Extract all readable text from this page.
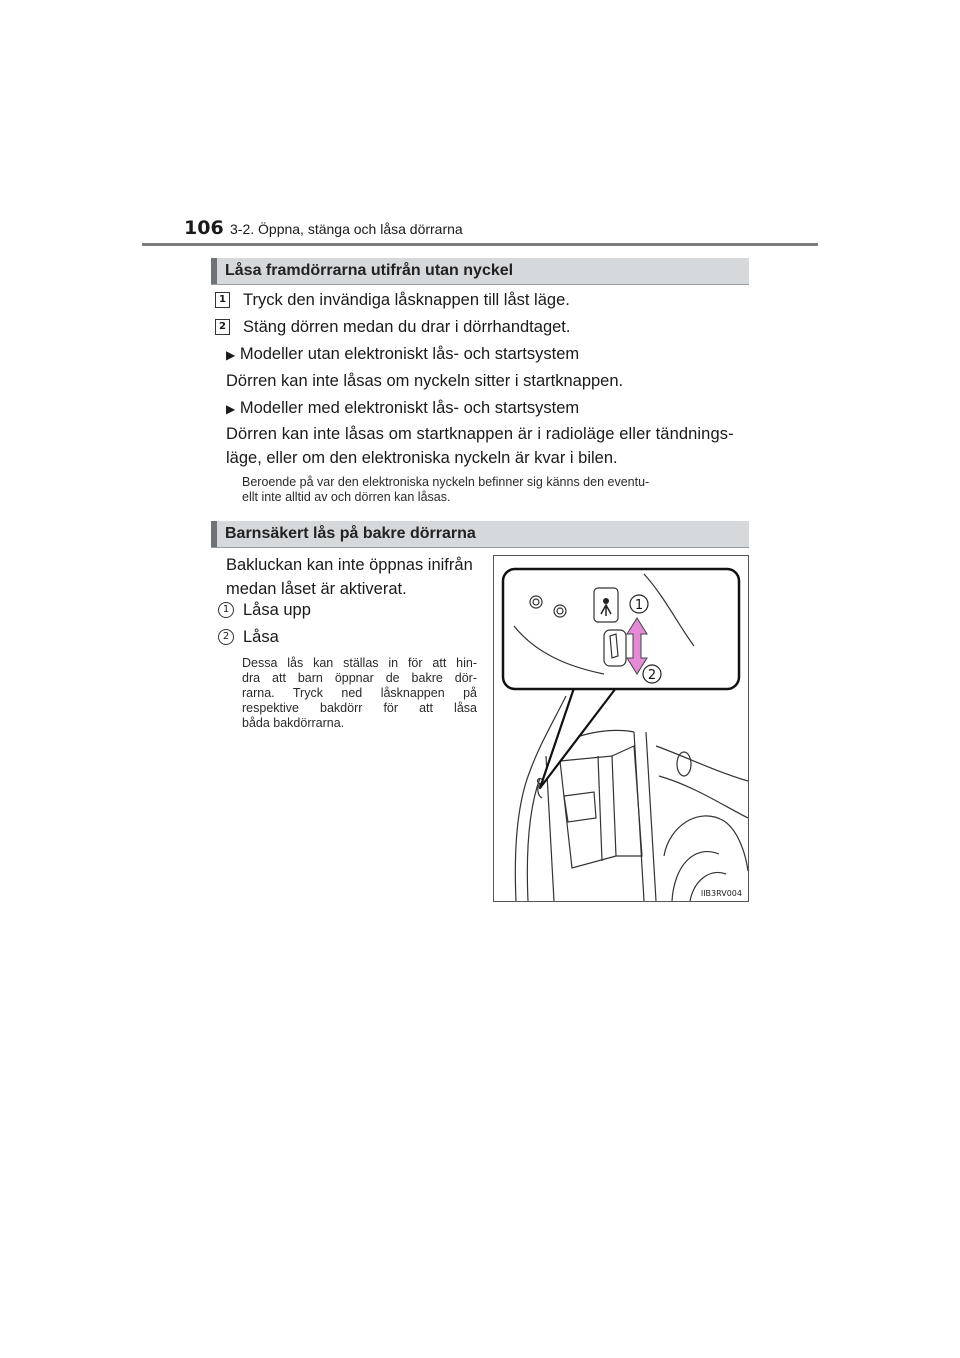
106 3-2. Öppna, stänga och låsa dörrarna
Låsa framdörrarna utifrån utan nyckel
1 Tryck den invändiga låsknappen till låst läge.
2 Stäng dörren medan du drar i dörrhandtaget.
▶ Modeller utan elektroniskt lås- och startsystem
Dörren kan inte låsas om nyckeln sitter i startknappen.
▶ Modeller med elektroniskt lås- och startsystem
Dörren kan inte låsas om startknappen är i radioläge eller tändnings-
läge, eller om den elektroniska nyckeln är kvar i bilen.
Beroende på var den elektroniska nyckeln befinner sig känns den eventu-
ellt inte alltid av och dörren kan låsas.
Barnsäkert lås på bakre dörrarna
Bakluckan kan inte öppnas inifrån
medan låset är aktiverat.
1 Låsa upp
2 Låsa
Dessa lås kan ställas in för att hin-
dra att barn öppnar de bakre dör-
rarna. Tryck ned låsknappen på
respektive bakdörr för att låsa
båda bakdörrarna.
1
2
IIB3RV004
